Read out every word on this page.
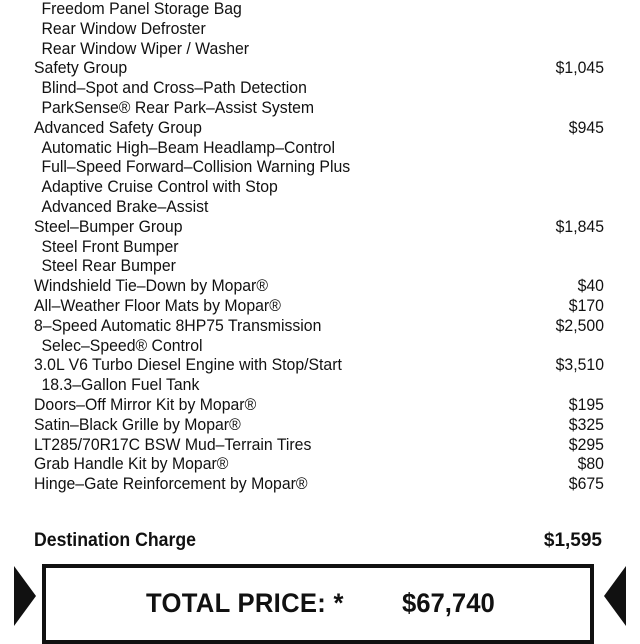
Freedom Panel Storage Bag
Rear Window Defroster
Rear Window Wiper / Washer
Safety Group	$1,045
Blind–Spot and Cross–Path Detection
ParkSense® Rear Park–Assist System
Advanced Safety Group	$945
Automatic High–Beam Headlamp–Control
Full–Speed Forward–Collision Warning Plus
Adaptive Cruise Control with Stop
Advanced Brake–Assist
Steel–Bumper Group	$1,845
Steel Front Bumper
Steel Rear Bumper
Windshield Tie–Down by Mopar®	$40
All–Weather Floor Mats by Mopar®	$170
8–Speed Automatic 8HP75 Transmission	$2,500
Selec–Speed® Control
3.0L V6 Turbo Diesel Engine with Stop/Start	$3,510
18.3–Gallon Fuel Tank
Doors–Off Mirror Kit by Mopar®	$195
Satin–Black Grille by Mopar®	$325
LT285/70R17C BSW Mud–Terrain Tires	$295
Grab Handle Kit by Mopar®	$80
Hinge–Gate Reinforcement by Mopar®	$675
Destination Charge	$1,595
TOTAL PRICE: * $67,740
